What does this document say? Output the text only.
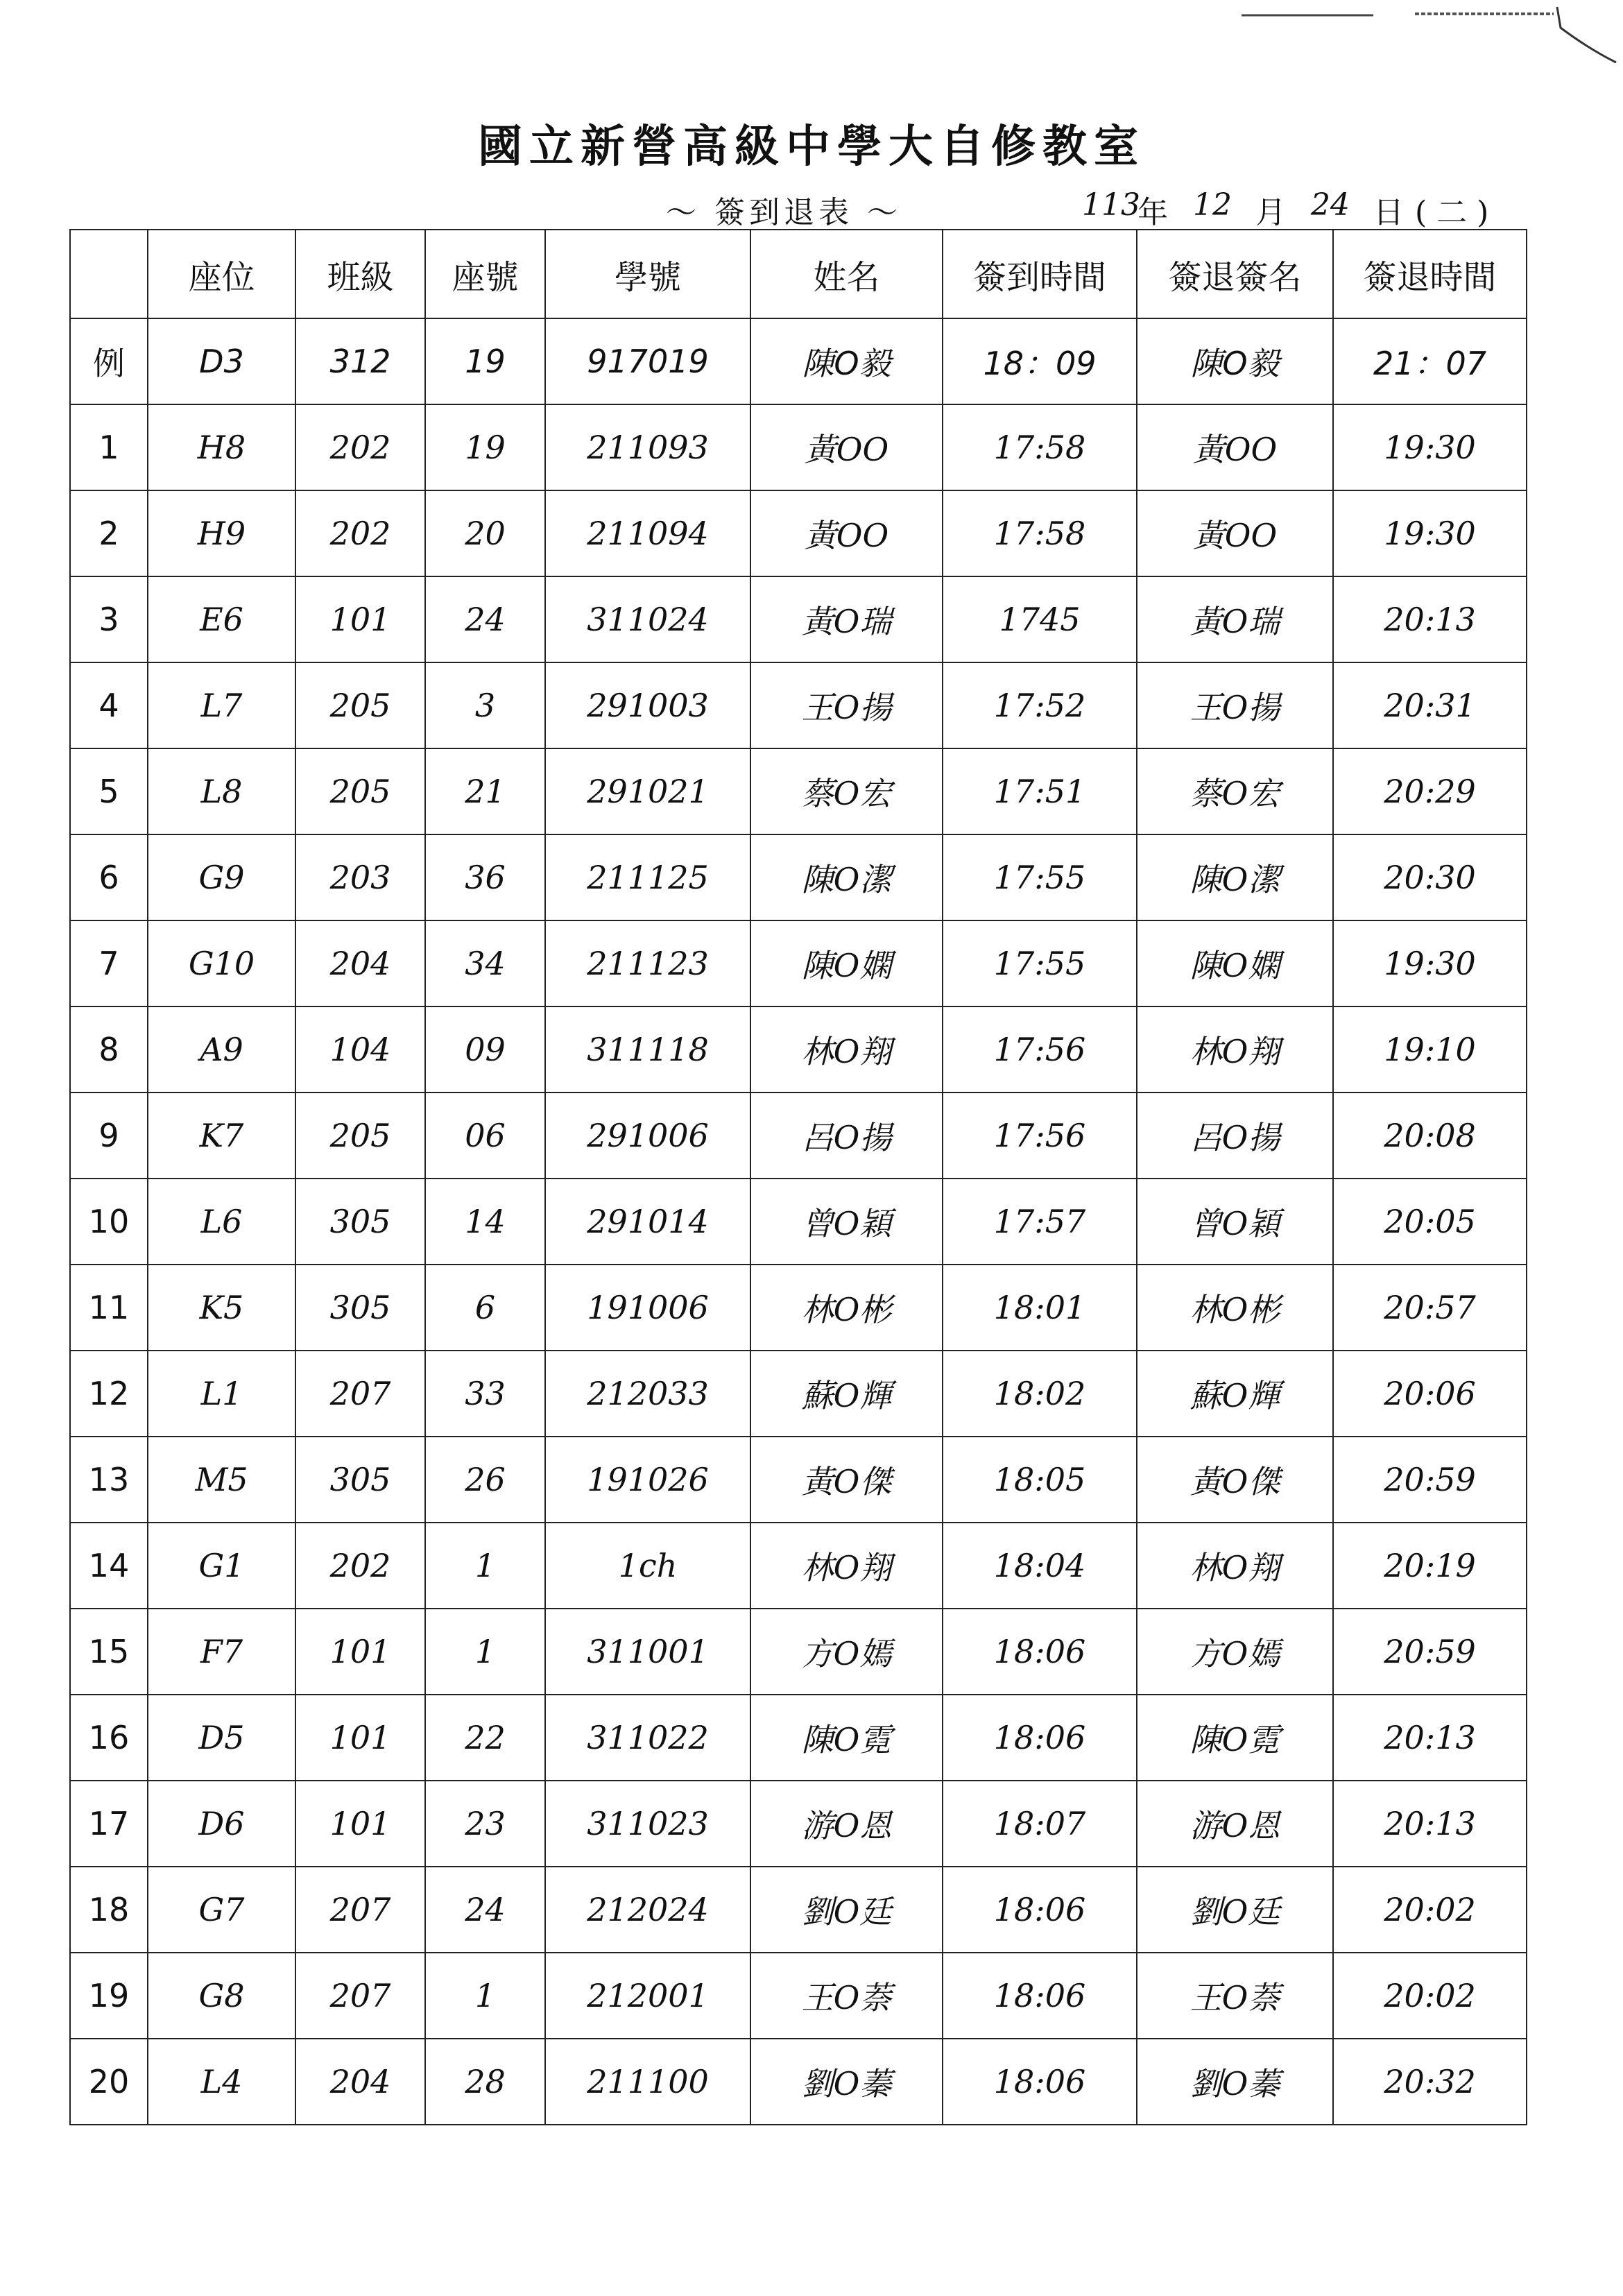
國立新營高級中學大自修教室
～ 簽到退表 ～	113
年 12 月 24 日 ( 二 )
	座位	班級	座號	學號	姓名	簽到時間	簽退簽名	簽退時間
例	D3	312	19	917019	陳O毅	18：09	陳O毅	21：07
1	H8	202	19	211093	黃OO	17:58	黃OO	19:30
2	H9	202	20	211094	黃OO	17:58	黃OO	19:30
3	E6	101	24	311024	黃O瑞	1745	黃O瑞	20:13
4	L7	205	3	291003	王O揚	17:52	王O揚	20:31
5	L8	205	21	291021	蔡O宏	17:51	蔡O宏	20:29
6	G9	203	36	211125	陳O潔	17:55	陳O潔	20:30
7	G10	204	34	211123	陳O嫻	17:55	陳O嫻	19:30
8	A9	104	09	311118	林O翔	17:56	林O翔	19:10
9	K7	205	06	291006	呂O揚	17:56	呂O揚	20:08
10	L6	305	14	291014	曾O穎	17:57	曾O穎	20:05
11	K5	305	6	191006	林O彬	18:01	林O彬	20:57
12	L1	207	33	212033	蘇O輝	18:02	蘇O輝	20:06
13	M5	305	26	191026	黃O傑	18:05	黃O傑	20:59
14	G1	202	1	1ch	林O翔	18:04	林O翔	20:19
15	F7	101	1	311001	方O嫣	18:06	方O嫣	20:59
16	D5	101	22	311022	陳O霓	18:06	陳O霓	20:13
17	D6	101	23	311023	游O恩	18:07	游O恩	20:13
18	G7	207	24	212024	劉O廷	18:06	劉O廷	20:02
19	G8	207	1	212001	王O萘	18:06	王O萘	20:02
20	L4	204	28	211100	劉O蓁	18:06	劉O蓁	20:32
